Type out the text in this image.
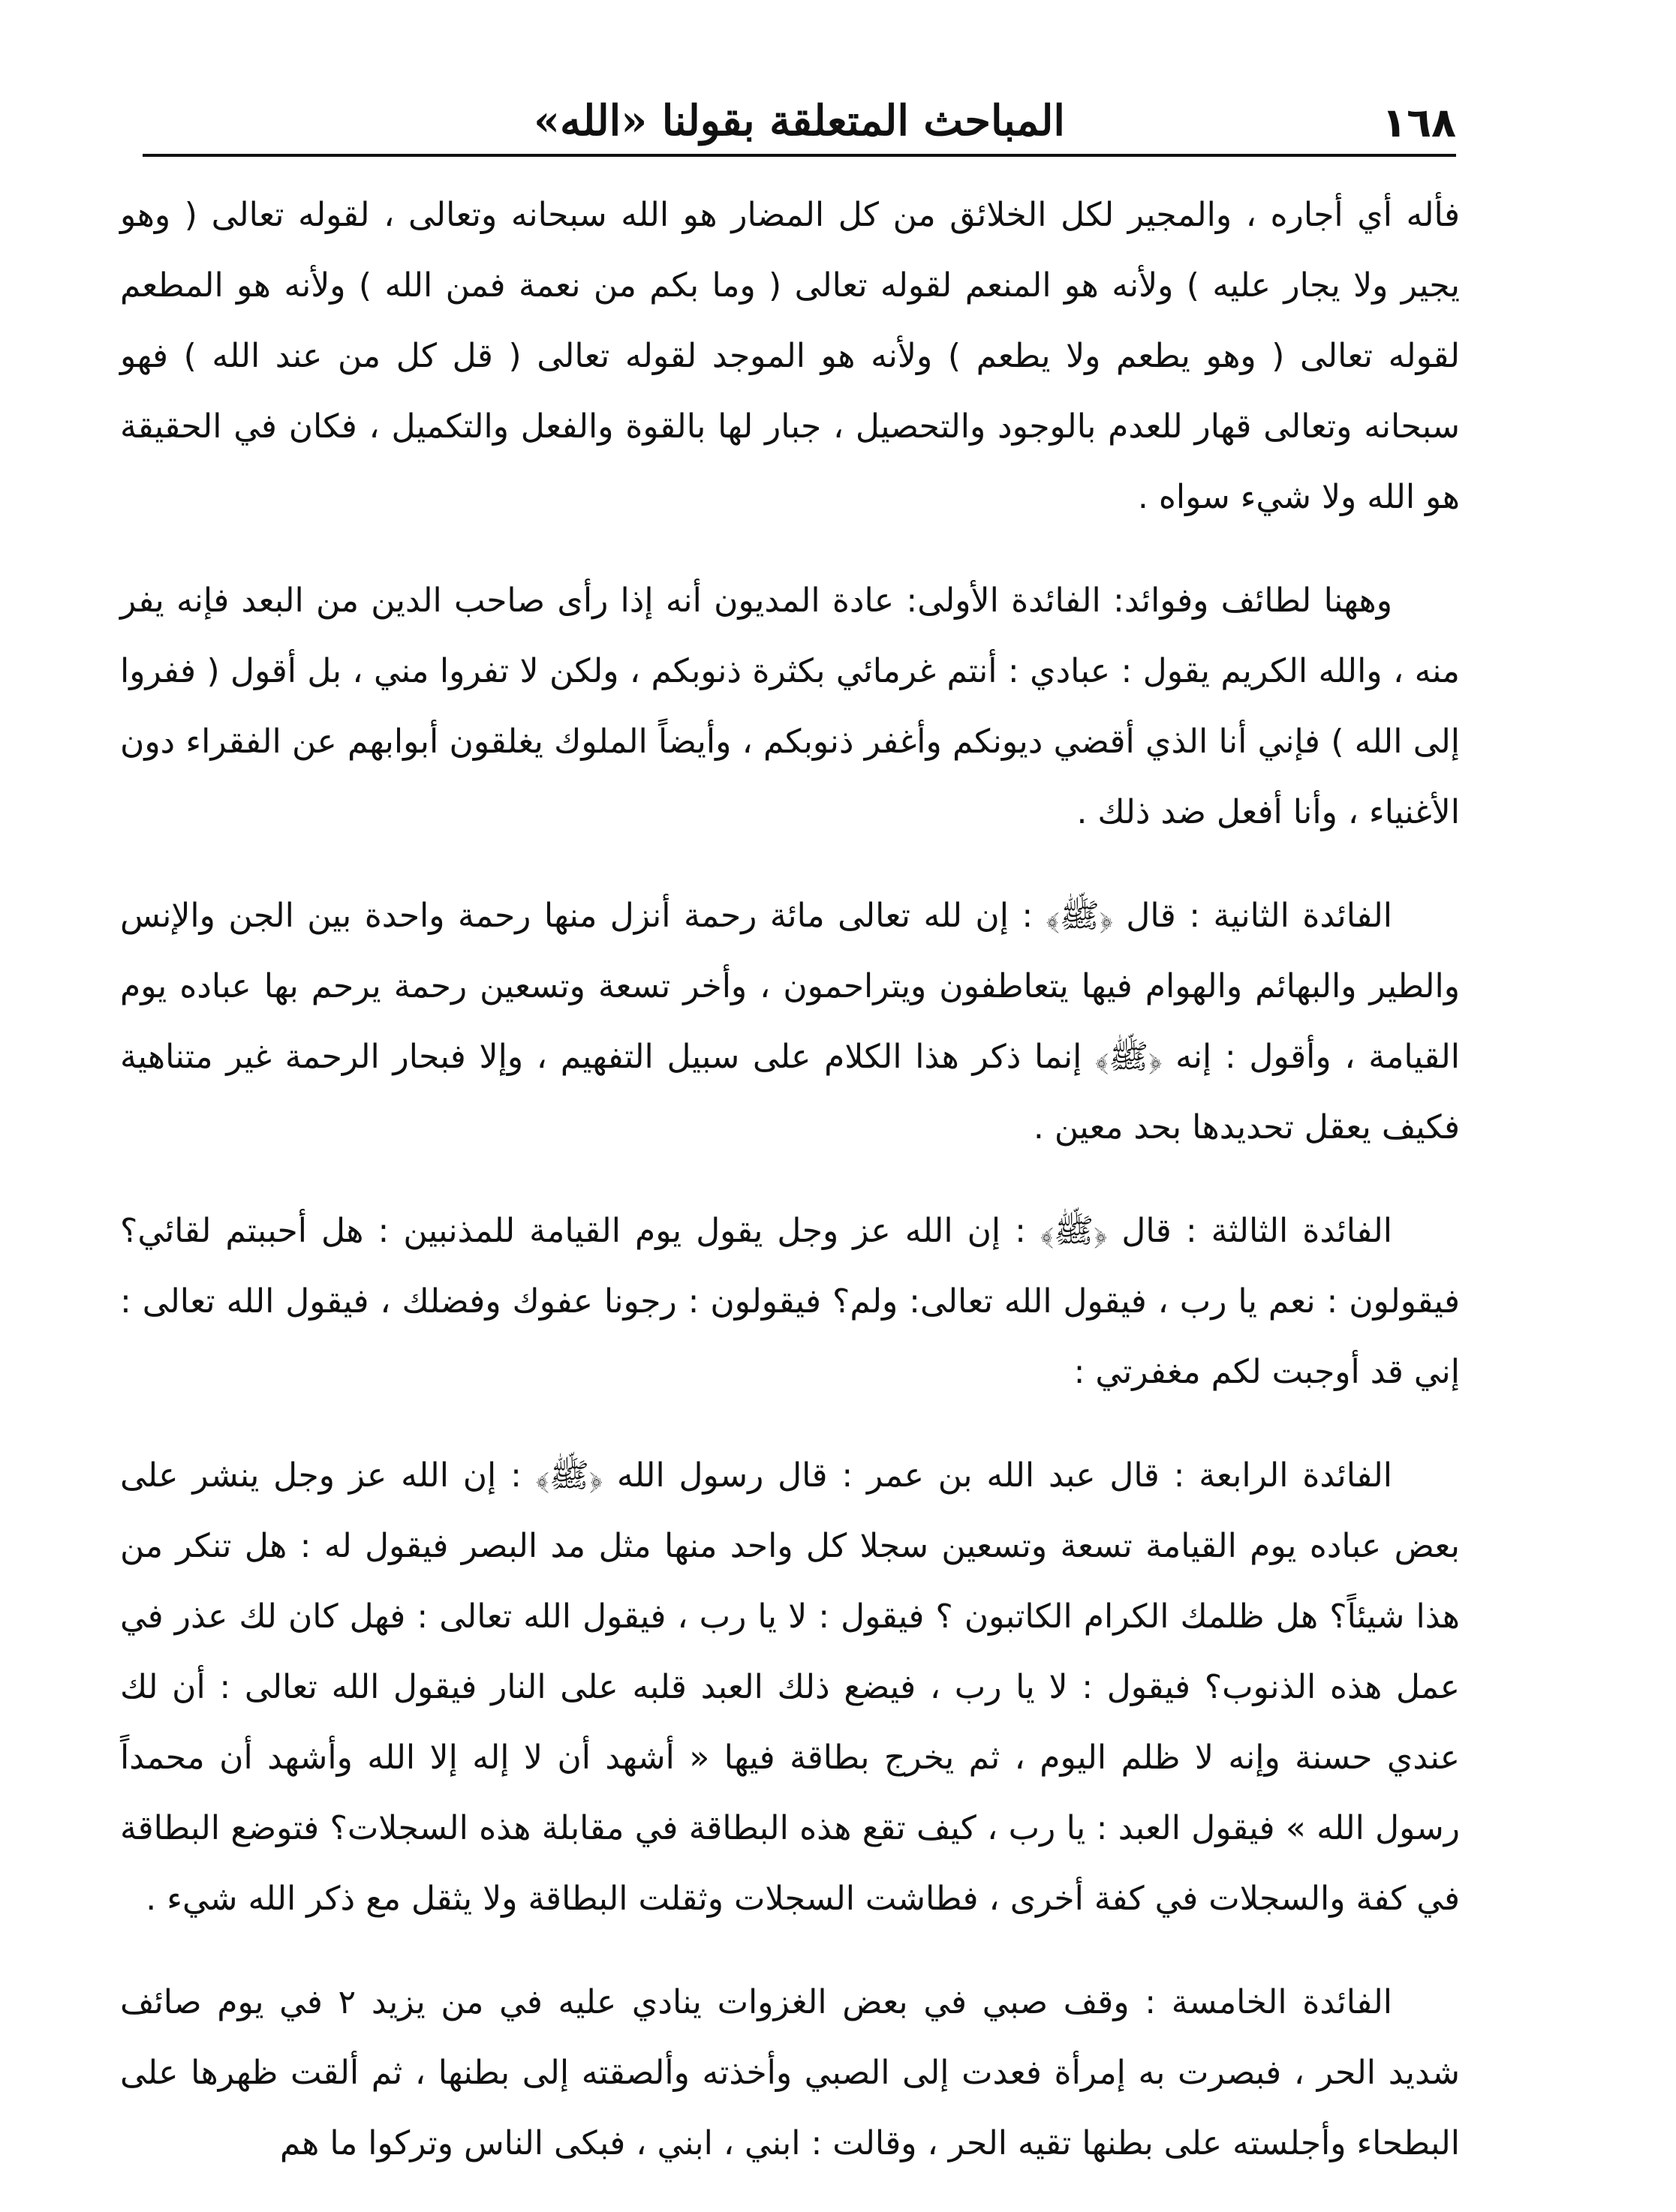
١٦٨
المباحث المتعلقة بقولنا «الله»

فأله أي أجاره ، والمجير لكل الخلائق من كل المضار هو الله سبحانه وتعالى ، لقوله تعالى ( وهو يجير ولا يجار عليه ) ولأنه هو المنعم لقوله تعالى ( وما بكم من نعمة فمن الله ) ولأنه هو المطعم لقوله تعالى ( وهو يطعم ولا يطعم ) ولأنه هو الموجد لقوله تعالى ( قل كل من عند الله ) فهو سبحانه وتعالى قهار للعدم بالوجود والتحصيل ، جبار لها بالقوة والفعل والتكميل ، فكان في الحقيقة هو الله ولا شيء سواه .

وههنا لطائف وفوائد: الفائدة الأولى: عادة المديون أنه إذا رأى صاحب الدين من البعد فإنه يفر منه ، والله الكريم يقول : عبادي : أنتم غرمائي بكثرة ذنوبكم ، ولكن لا تفروا مني ، بل أقول ( ففروا إلى الله ) فإني أنا الذي أقضي ديونكم وأغفر ذنوبكم ، وأيضاً الملوك يغلقون أبوابهم عن الفقراء دون الأغنياء ، وأنا أفعل ضد ذلك .

الفائدة الثانية : قال ﴿ﷺ﴾ : إن لله تعالى مائة رحمة أنزل منها رحمة واحدة بين الجن والإنس والطير والبهائم والهوام فيها يتعاطفون ويتراحمون ، وأخر تسعة وتسعين رحمة يرحم بها عباده يوم القيامة ، وأقول : إنه ﴿ﷺ﴾ إنما ذكر هذا الكلام على سبيل التفهيم ، وإلا فبحار الرحمة غير متناهية فكيف يعقل تحديدها بحد معين .

الفائدة الثالثة : قال ﴿ﷺ﴾ : إن الله عز وجل يقول يوم القيامة للمذنبين : هل أحببتم لقائي؟ فيقولون : نعم يا رب ، فيقول الله تعالى: ولم؟ فيقولون : رجونا عفوك وفضلك ، فيقول الله تعالى : إني قد أوجبت لكم مغفرتي :

الفائدة الرابعة : قال عبد الله بن عمر : قال رسول الله ﴿ﷺ﴾ : إن الله عز وجل ينشر على بعض عباده يوم القيامة تسعة وتسعين سجلا كل واحد منها مثل مد البصر فيقول له : هل تنكر من هذا شيئاً؟ هل ظلمك الكرام الكاتبون ؟ فيقول : لا يا رب ، فيقول الله تعالى : فهل كان لك عذر في عمل هذه الذنوب؟ فيقول : لا يا رب ، فيضع ذلك العبد قلبه على النار فيقول الله تعالى : أن لك عندي حسنة وإنه لا ظلم اليوم ، ثم يخرج بطاقة فيها « أشهد أن لا إله إلا الله وأشهد أن محمداً رسول الله » فيقول العبد : يا رب ، كيف تقع هذه البطاقة في مقابلة هذه السجلات؟ فتوضع البطاقة في كفة والسجلات في كفة أخرى ، فطاشت السجلات وثقلت البطاقة ولا يثقل مع ذكر الله شيء .

الفائدة الخامسة : وقف صبي في بعض الغزوات ينادي عليه في من يزيد ٢ في يوم صائف شديد الحر ، فبصرت به إمرأة فعدت إلى الصبي وأخذته وألصقته إلى بطنها ، ثم ألقت ظهرها على البطحاء وأجلسته على بطنها تقيه الحر ، وقالت : ابني ، ابني ، فبكى الناس وتركوا ما هم
